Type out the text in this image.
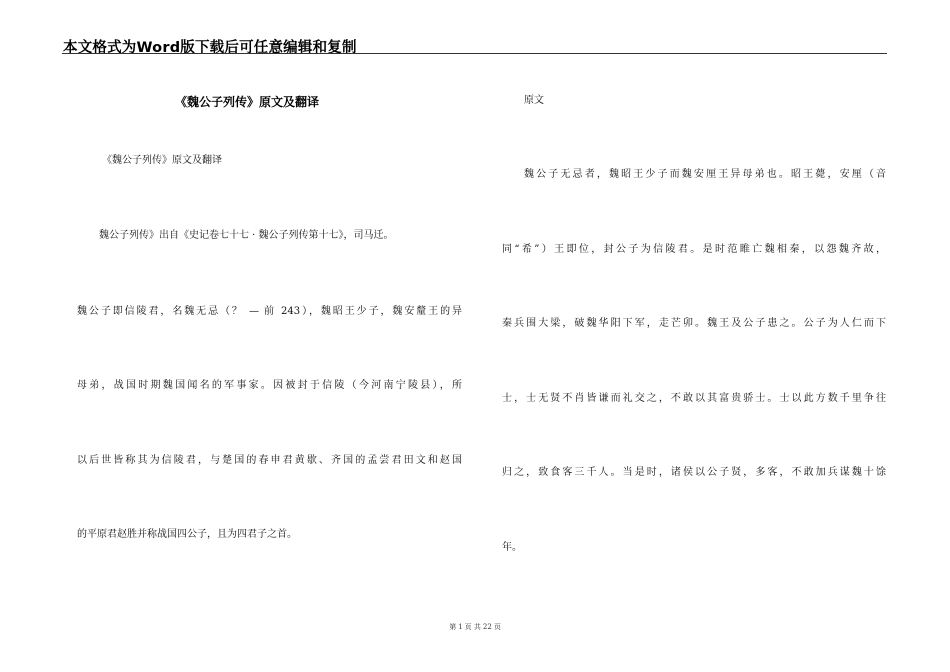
本文格式为Word版下载后可任意编辑和复制
《魏公子列传》原文及翻译
《魏公子列传》原文及翻译
魏公子列传》出自《史记卷七十七 · 魏公子列传第十七》，司马迁。
魏公子即信陵君，名魏无忌（？ — 前 243），魏昭王少子，魏安釐王的异
母弟，战国时期魏国闻名的军事家。因被封于信陵（今河南宁陵县），所
以后世皆称其为信陵君，与楚国的春申君黄歇、齐国的孟尝君田文和赵国
的平原君赵胜并称战国四公子，且为四君子之首。
原文
魏公子无忌者，魏昭王少子而魏安厘王异母弟也。昭王薨，安厘（音
同“希”）王即位，封公子为信陵君。是时范睢亡魏相秦，以怨魏齐故，
秦兵围大梁，破魏华阳下军，走芒卯。魏王及公子患之。公子为人仁而下
士，士无贤不肖皆谦而礼交之，不敢以其富贵骄士。士以此方数千里争往
归之，致食客三千人。当是时，诸侯以公子贤，多客，不敢加兵谋魏十馀
年。
第 1 页 共 22 页
